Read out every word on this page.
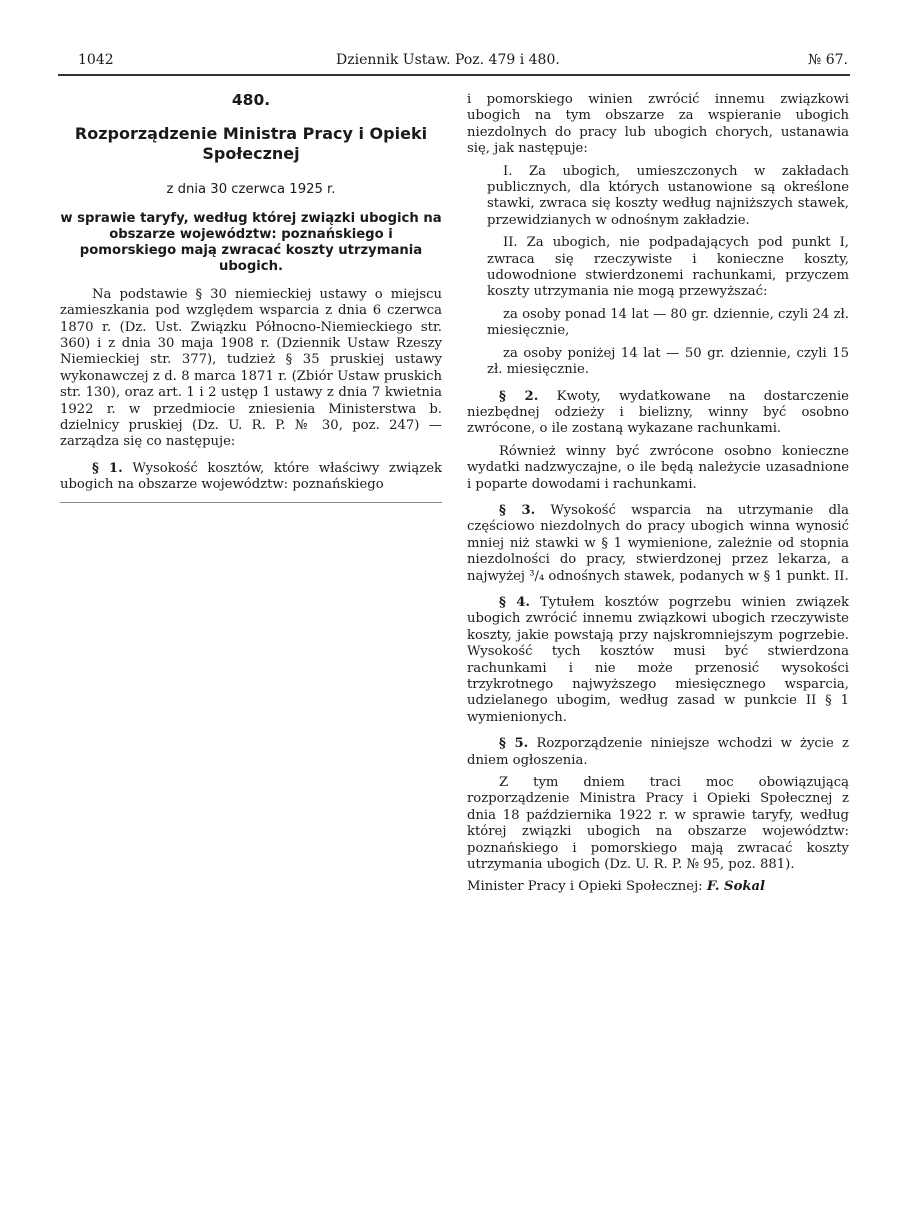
1042	Dziennik Ustaw. Poz. 479 i 480.	№ 67.
480.
Rozporządzenie Ministra Pracy i Opieki Społecznej
z dnia 30 czerwca 1925 r.
w sprawie taryfy, według której związki ubogich na obszarze województw: poznańskiego i pomorskiego mają zwracać koszty utrzymania ubogich.

Na podstawie § 30 niemieckiej ustawy o miejscu zamieszkania pod względem wsparcia z dnia 6 czerwca 1870 r. (Dz. Ust. Związku Północno-Niemieckiego str. 360) i z dnia 30 maja 1908 r. (Dziennik Ustaw Rzeszy Niemieckiej str. 377), tudzież § 35 pruskiej ustawy wykonawczej z d. 8 marca 1871 r. (Zbiór Ustaw pruskich str. 130), oraz art. 1 i 2 ustęp 1 ustawy z dnia 7 kwietnia 1922 r. w przedmiocie zniesienia Ministerstwa b. dzielnicy pruskiej (Dz. U. R. P. № 30, poz. 247) — zarządza się co następuje:

§ 1. Wysokość kosztów, które właściwy związek ubogich na obszarze województw: poznańskiego

i pomorskiego winien zwrócić innemu związkowi ubogich na tym obszarze za wspieranie ubogich niezdolnych do pracy lub ubogich chorych, ustanawia się, jak następuje:

I. Za ubogich, umieszczonych w zakładach publicznych, dla których ustanowione są określone stawki, zwraca się koszty według najniższych stawek, przewidzianych w odnośnym zakładzie.

II. Za ubogich, nie podpadających pod punkt I, zwraca się rzeczywiste i konieczne koszty, udowodnione stwierdzonemi rachunkami, przyczem koszty utrzymania nie mogą przewyższać:

za osoby ponad 14 lat — 80 gr. dziennie, czyli 24 zł. miesięcznie,

za osoby poniżej 14 lat — 50 gr. dziennie, czyli 15 zł. miesięcznie.

§ 2. Kwoty, wydatkowane na dostarczenie niezbędnej odzieży i bielizny, winny być osobno zwrócone, o ile zostaną wykazane rachunkami.

Również winny być zwrócone osobno konieczne wydatki nadzwyczajne, o ile będą należycie uzasadnione i poparte dowodami i rachunkami.

§ 3. Wysokość wsparcia na utrzymanie dla częściowo niezdolnych do pracy ubogich winna wynosić mniej niż stawki w § 1 wymienione, zależnie od stopnia niezdolności do pracy, stwierdzonej przez lekarza, a najwyżej ³/₄ odnośnych stawek, podanych w § 1 punkt. II.

§ 4. Tytułem kosztów pogrzebu winien związek ubogich zwrócić innemu związkowi ubogich rzeczywiste koszty, jakie powstają przy najskromniejszym pogrzebie. Wysokość tych kosztów musi być stwierdzona rachunkami i nie może przenosić wysokości trzykrotnego najwyższego miesięcznego wsparcia, udzielanego ubogim, według zasad w punkcie II § 1 wymienionych.

§ 5. Rozporządzenie niniejsze wchodzi w życie z dniem ogłoszenia.

Z tym dniem traci moc obowiązującą rozporządzenie Ministra Pracy i Opieki Społecznej z dnia 18 października 1922 r. w sprawie taryfy, według której związki ubogich na obszarze województw: poznańskiego i pomorskiego mają zwracać koszty utrzymania ubogich (Dz. U. R. P. № 95, poz. 881).

Minister Pracy i Opieki Społecznej: F. Sokal
